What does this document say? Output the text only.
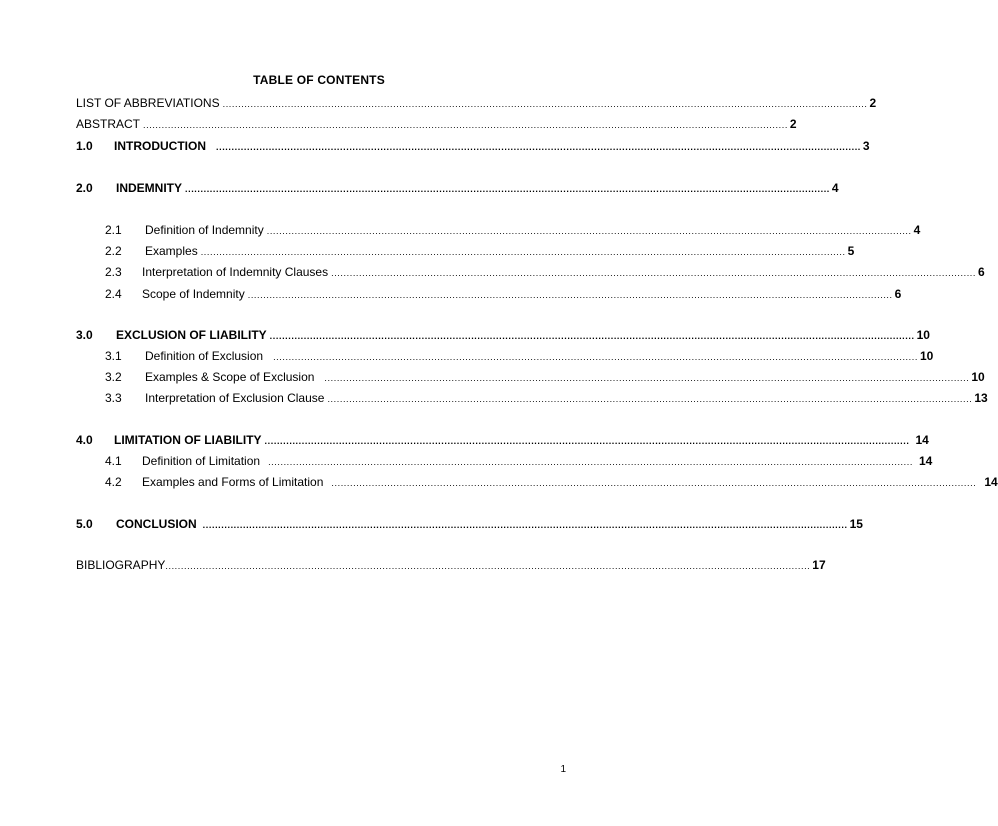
TABLE OF CONTENTS
LIST OF ABBREVIATIONS ................................................................................................................................................................................................................ 2
ABSTRACT ................................................................................................................................................................................................................ 2
1.0	INTRODUCTION ................................................................................................................................................................................................................ 3
2.0	INDEMNITY ................................................................................................................................................................................................................ 4
2.1	Definition of Indemnity ................................................................................................................................................................................................................ 4
2.2	Examples ................................................................................................................................................................................................................ 5
2.3	Interpretation of Indemnity Clauses ................................................................................................................................................................................................................ 6
2.4	Scope of Indemnity ................................................................................................................................................................................................................ 6
3.0	EXCLUSION OF LIABILITY ................................................................................................................................................................................................................ 10
3.1	Definition of Exclusion ................................................................................................................................................................................................................ 10
3.2	Examples & Scope of Exclusion ................................................................................................................................................................................................................ 10
3.3	Interpretation of Exclusion Clause ................................................................................................................................................................................................................ 13
4.0	LIMITATION OF LIABILITY ................................................................................................................................................................................................................ 14
4.1	Definition of Limitation ................................................................................................................................................................................................................ 14
4.2	Examples and Forms of Limitation ................................................................................................................................................................................................................ 14
5.0	CONCLUSION ................................................................................................................................................................................................................ 15
BIBLIOGRAPHY ................................................................................................................................................................................................................ 17
1
